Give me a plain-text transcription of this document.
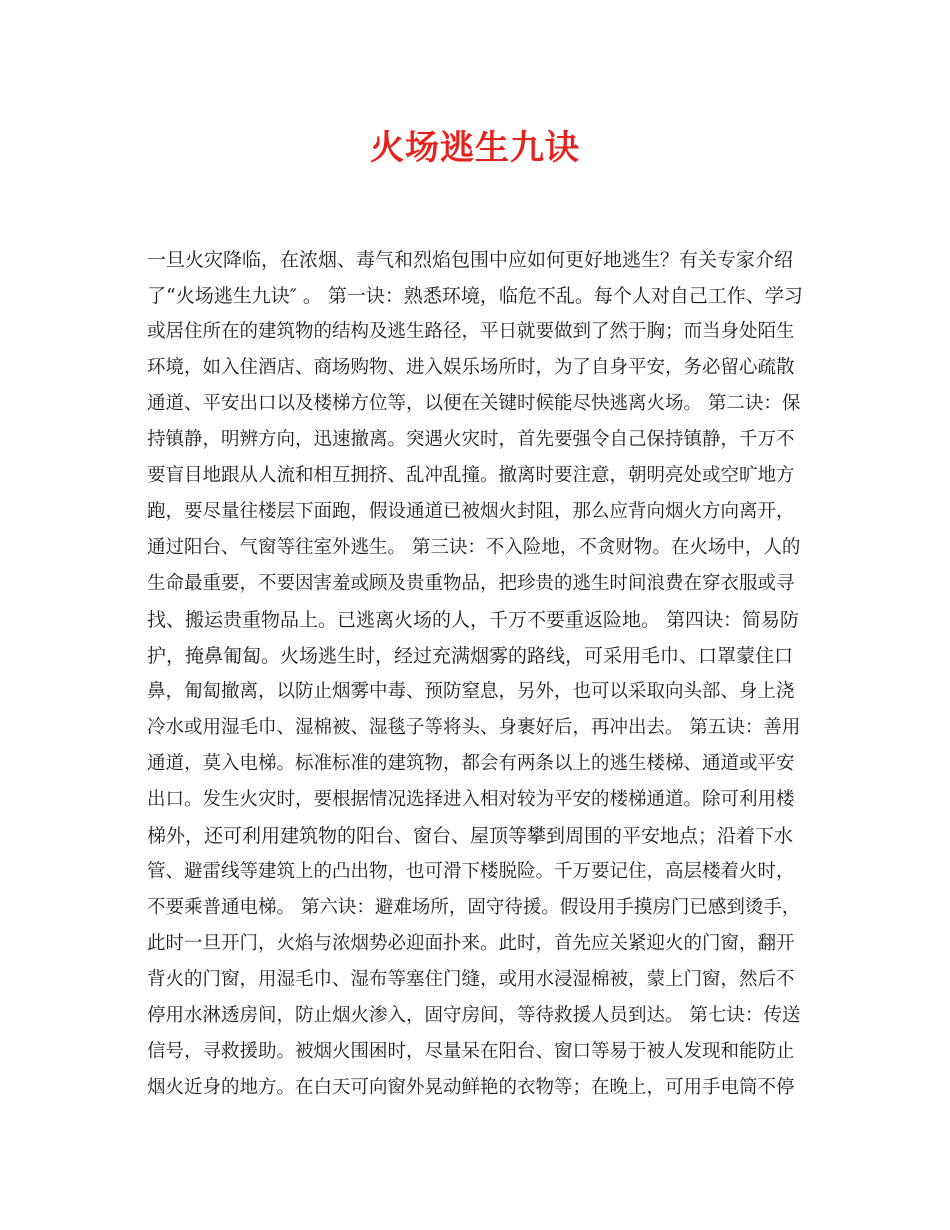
火场逃生九诀
一旦火灾降临，在浓烟、毒气和烈焰包围中应如何更好地逃生？有关专家介绍
了“火场逃生九诀″ 。 第一诀：熟悉环境，临危不乱。每个人对自己工作、学习
或居住所在的建筑物的结构及逃生路径，平日就要做到了然于胸；而当身处陌生
环境，如入住酒店、商场购物、进入娱乐场所时，为了自身平安，务必留心疏散
通道、平安出口以及楼梯方位等，以便在关键时候能尽快逃离火场。 第二诀：保
持镇静，明辨方向，迅速撤离。突遇火灾时，首先要强令自己保持镇静，千万不
要盲目地跟从人流和相互拥挤、乱冲乱撞。撤离时要注意，朝明亮处或空旷地方
跑，要尽量往楼层下面跑，假设通道已被烟火封阻，那么应背向烟火方向离开，
通过阳台、气窗等往室外逃生。 第三诀：不入险地，不贪财物。在火场中，人的
生命最重要，不要因害羞或顾及贵重物品，把珍贵的逃生时间浪费在穿衣服或寻
找、搬运贵重物品上。已逃离火场的人，千万不要重返险地。 第四诀：简易防
护，掩鼻匍匐。火场逃生时，经过充满烟雾的路线，可采用毛巾、口罩蒙住口
鼻，匍匐撤离，以防止烟雾中毒、预防窒息，另外，也可以采取向头部、身上浇
冷水或用湿毛巾、湿棉被、湿毯子等将头、身裹好后，再冲出去。 第五诀：善用
通道，莫入电梯。标准标准的建筑物，都会有两条以上的逃生楼梯、通道或平安
出口。发生火灾时，要根据情况选择进入相对较为平安的楼梯通道。除可利用楼
梯外，还可利用建筑物的阳台、窗台、屋顶等攀到周围的平安地点；沿着下水
管、避雷线等建筑上的凸出物，也可滑下楼脱险。千万要记住，高层楼着火时，
不要乘普通电梯。 第六诀：避难场所，固守待援。假设用手摸房门已感到烫手，
此时一旦开门，火焰与浓烟势必迎面扑来。此时，首先应关紧迎火的门窗，翻开
背火的门窗，用湿毛巾、湿布等塞住门缝，或用水浸湿棉被，蒙上门窗，然后不
停用水淋透房间，防止烟火渗入，固守房间，等待救援人员到达。 第七诀：传送
信号，寻救援助。被烟火围困时，尽量呆在阳台、窗口等易于被人发现和能防止
烟火近身的地方。在白天可向窗外晃动鲜艳的衣物等；在晚上，可用手电筒不停
